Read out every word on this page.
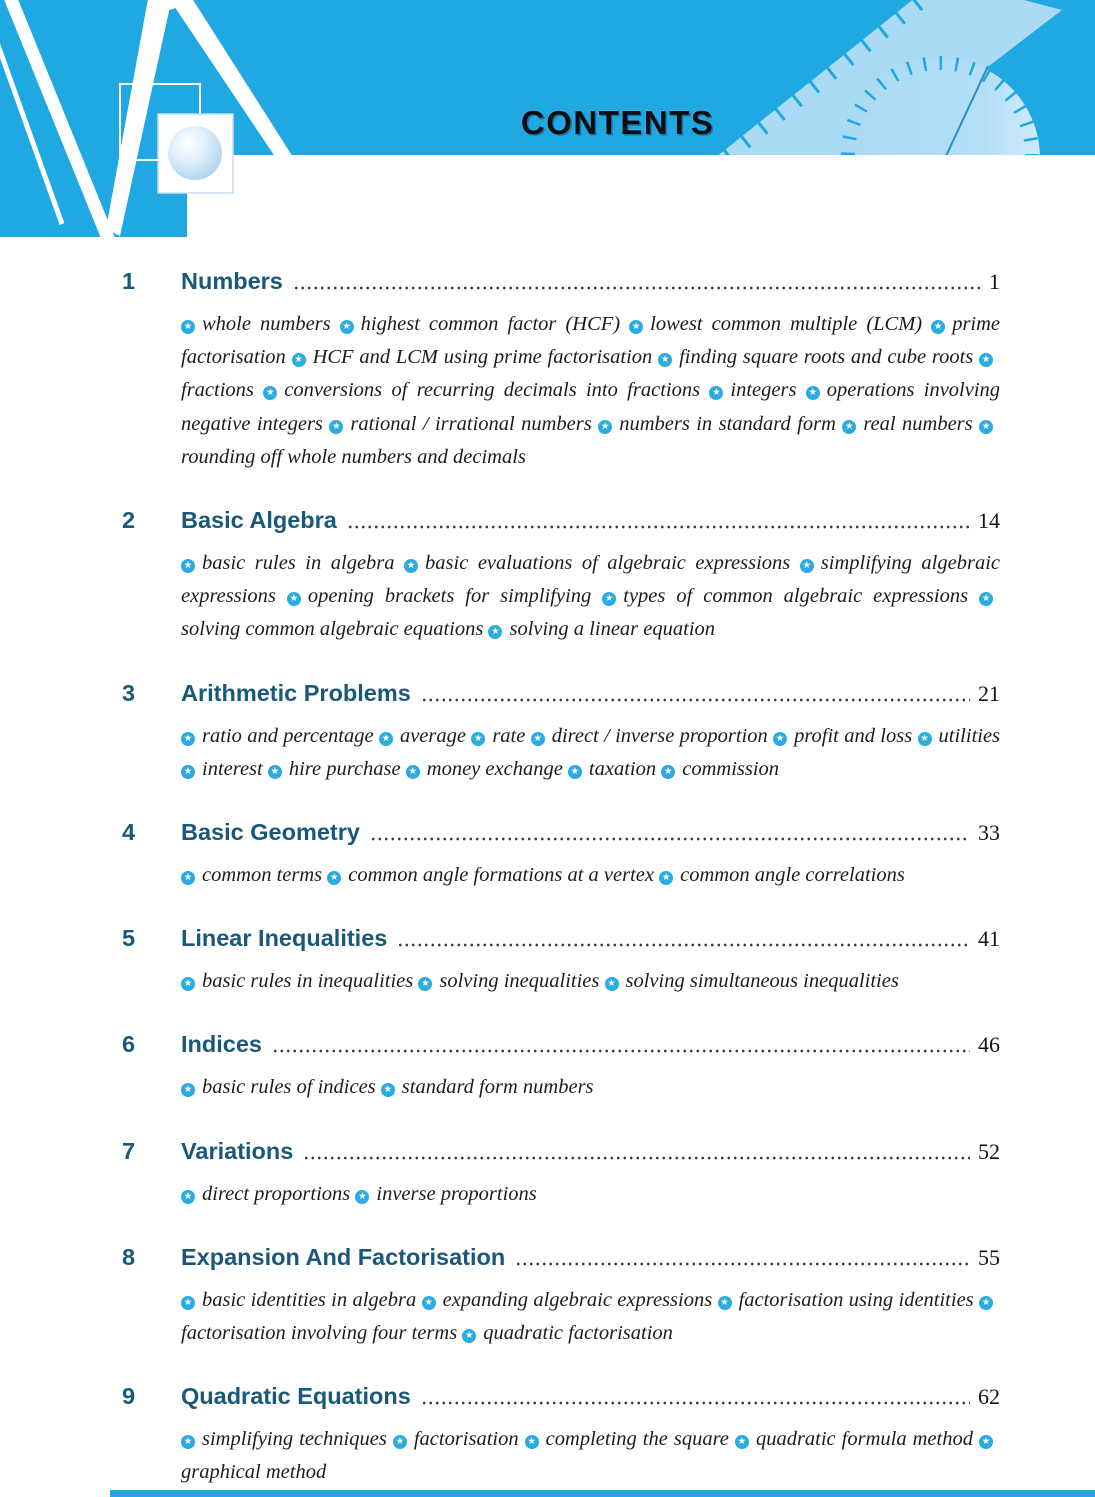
CONTENTS
1	Numbers	1

★ whole numbers ★ highest common factor (HCF) ★ lowest common multiple (LCM) ★ prime factorisation ★ HCF and LCM using prime factorisation ★ finding square roots and cube roots ★fractions ★ conversions of recurring decimals into fractions ★ integers ★ operations involving negative integers ★ rational / irrational numbers ★ numbers in standard form ★ real numbers ★rounding off whole numbers and decimals

2	Basic Algebra	14

★ basic rules in algebra ★ basic evaluations of algebraic expressions ★ simplifying algebraic expressions ★ opening brackets for simplifying ★ types of common algebraic expressions ★solving common algebraic equations ★ solving a linear equation

3	Arithmetic Problems	21

★ ratio and percentage ★ average ★ rate ★ direct / inverse proportion ★ profit and loss ★ utilities ★ interest ★ hire purchase ★ money exchange ★ taxation ★ commission

4	Basic Geometry	33

★ common terms ★ common angle formations at a vertex ★ common angle correlations

5	Linear Inequalities	41

★ basic rules in inequalities ★ solving inequalities ★ solving simultaneous inequalities

6	Indices	46

★ basic rules of indices ★ standard form numbers

7	Variations	52

★ direct proportions ★ inverse proportions

8	Expansion And Factorisation	55

★ basic identities in algebra ★ expanding algebraic expressions ★ factorisation using identities ★factorisation involving four terms ★ quadratic factorisation

9	Quadratic Equations	62

★ simplifying techniques ★ factorisation ★ completing the square ★ quadratic formula method ★graphical method
